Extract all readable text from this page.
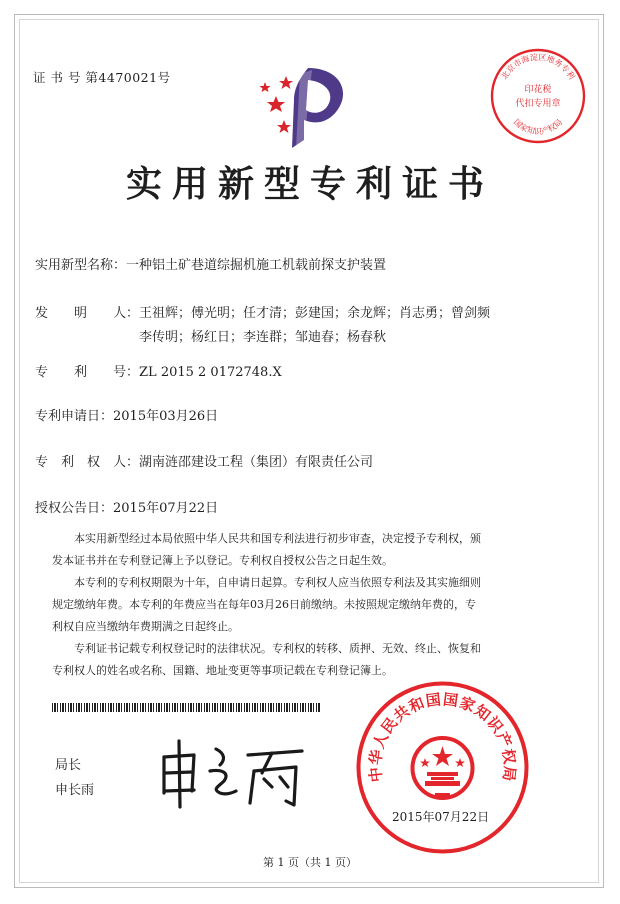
证 书 号 第4470021号	北京市海淀区地务专利
国家知识产权局
印花税
代扣专用章
实用新型专利证书
实用新型名称：一种铝土矿巷道综掘机施工机载前探支护装置
发　　明　　人：王祖辉；傅光明；任才清；彭建国；余龙辉；肖志勇；曾剑频
李传明；杨红日；李连群；邹迪春；杨春秋
专　　利　　号：ZL 2015 2 0172748.X
专利申请日：2015年03月26日
专　利　权　人：湖南涟邵建设工程（集团）有限责任公司
授权公告日：2015年07月22日
本实用新型经过本局依照中华人民共和国专利法进行初步审查，决定授予专利权，颁
发本证书并在专利登记簿上予以登记。专利权自授权公告之日起生效。
本专利的专利权期限为十年，自申请日起算。专利权人应当依照专利法及其实施细则
规定缴纳年费。本专利的年费应当在每年03月26日前缴纳。未按照规定缴纳年费的，专
利权自应当缴纳年费期满之日起终止。
专利证书记载专利权登记时的法律状况。专利权的转移、质押、无效、终止、恢复和
专利权人的姓名或名称、国籍、地址变更等事项记载在专利登记簿上。
局长
申长雨
中华人民共和国国家知识产权局
2015年07月22日
第 1 页（共 1 页）
